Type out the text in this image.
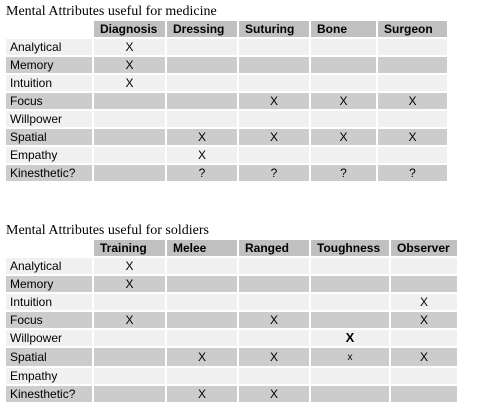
Mental Attributes useful for medicine
	Diagnosis	Dressing	Suturing	Bone	Surgeon
Analytical	X				
Memory	X				
Intuition	X				
Focus			X	X	X
Willpower					
Spatial		X	X	X	X
Empathy		X			
Kinesthetic?		?	?	?	?
Mental Attributes useful for soldiers
	Training	Melee	Ranged	Toughness	Observer
Analytical	X				
Memory	X				
Intuition					X
Focus	X		X		X
Willpower				X	
Spatial		X	X	x	X
Empathy					
Kinesthetic?		X	X		
